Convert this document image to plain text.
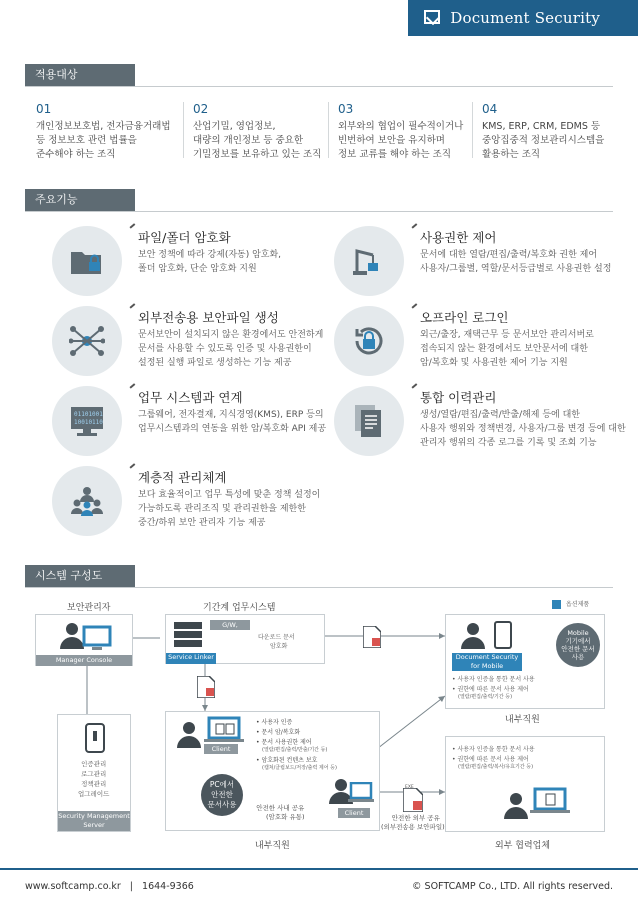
Document Security
적용대상
01
개인정보보호법, 전자금융거래법
등 정보보호 관련 법률을
준수해야 하는 조직
02
산업기밀, 영업정보,
대량의 개인정보 등 중요한
기밀정보를 보유하고 있는 조직
03
외부와의 협업이 필수적이거나
빈번하여 보안을 유지하며
정보 교류를 해야 하는 조직
04
KMS, ERP, CRM, EDMS 등
중앙집중적 정보관리시스템을
활용하는 조직
주요기능
파일/폴더 암호화
보안 정책에 따라 강제(자동) 암호화,
폴더 암호화, 단순 암호화 지원
사용권한 제어
문서에 대한 열람/편집/출력/복호화 권한 제어
사용자/그룹별, 역할/문서등급별로 사용권한 설정
외부전송용 보안파일 생성
문서보안이 설치되지 않은 환경에서도 안전하게
문서를 사용할 수 있도록 인증 및 사용권한이
설정된 실행 파일로 생성하는 기능 제공
오프라인 로그인
외근/출장, 재택근무 등 문서보안 관리서버로
접속되지 않는 환경에서도 보안문서에 대한
암/복호화 및 사용권한 제어 기능 지원
01101001
10010110
업무 시스템과 연계
그룹웨어, 전자결재, 지식경영(KMS), ERP 등의
업무시스템과의 연동을 위한 암/복호화 API 제공
통합 이력관리
생성/열람/편집/출력/반출/해제 등에 대한
사용자 행위와 정책변경, 사용자/그룹 변경 등에 대한
관리자 행위의 각종 로그를 기록 및 조회 기능
계층적 관리체계
보다 효율적이고 업무 특성에 맞춘 정책 설정이
가능하도록 관리조직 및 관리권한을 제한한
중간/하위 보안 관리자 기능 제공
시스템 구성도
보안관리자
Manager Console
기간계 업무시스템
G/W, EDMS...	다운로드 문서
암호화
Service Linker
옵션제품
Mobile
기기에서
안전한 문서
사용
Document Security
for Mobile
• 사용자 인증을 통한 문서 사용
• 권한에 따른 문서 사용 제어
(열람/편집/출력/기간 등)
내부직원
인증관리
로그관리
정책관리
업그레이드
Security Management
Server
Client
• 사용자 인증
• 문서 암/복호화
• 문서 사용권한 제어
(열람/편집/출력/반출/기간 등)
• 암호화된 컨텐츠 보호
(캡쳐/클립보드/저장/출력 제어 등)
PC에서
안전한
문서사용	안전한 사내 공유
(암호화 유통)	Client
EXE
안전한 외부 공유
(외부전송용 보안파일)
• 사용자 인증을 통한 문서 사용
• 권한에 따른 문서 사용 제어
(열람/편집/출력/복사/유효기간 등)
내부직원	외부 협력업체
www.softcamp.co.kr | 1644-9366	© SOFTCAMP Co., LTD. All rights reserved.
